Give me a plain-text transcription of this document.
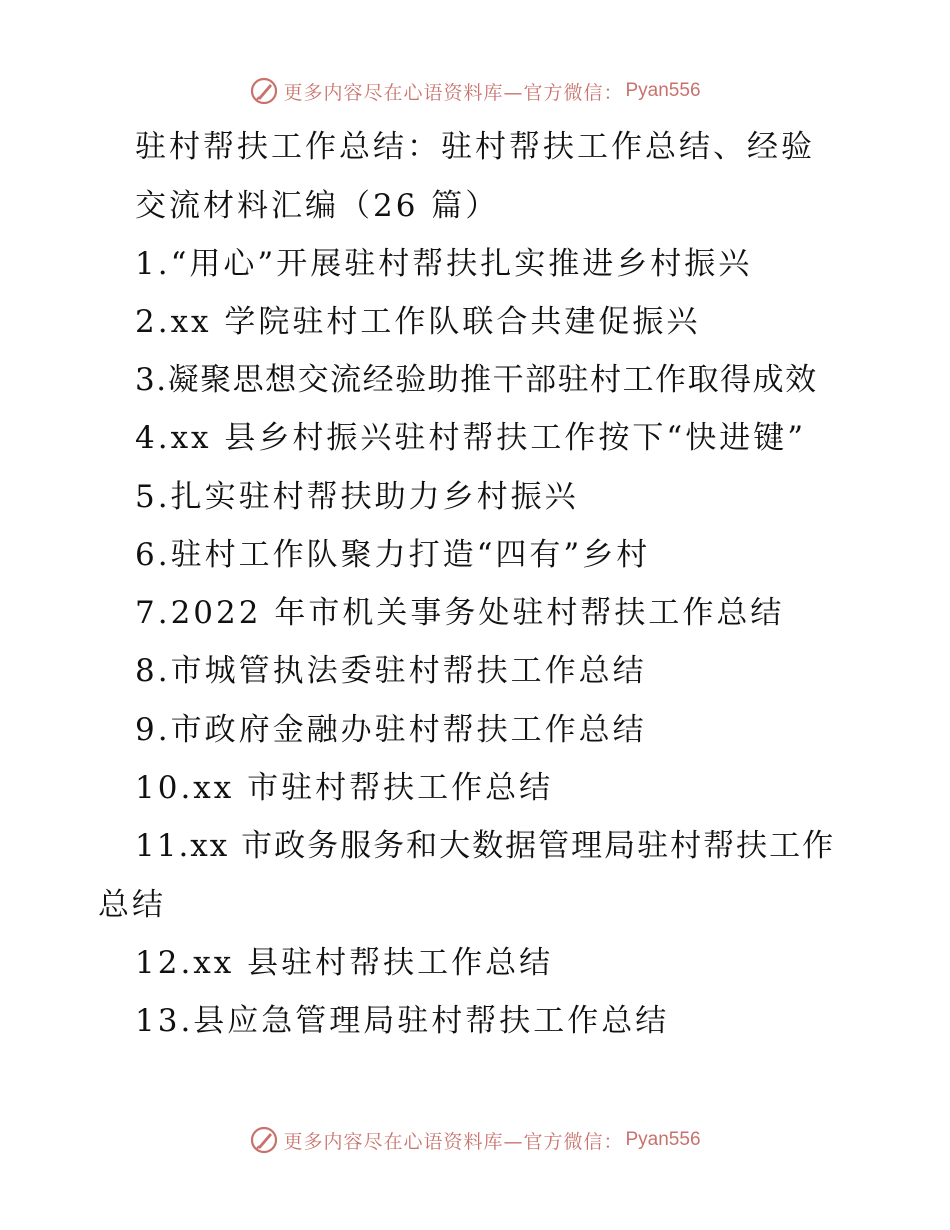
更多内容尽在心语资料库—官方微信： Pyan556
驻村帮扶工作总结：驻村帮扶工作总结、经验
交流材料汇编（26 篇）
1.“用心”开展驻村帮扶扎实推进乡村振兴
2.xx 学院驻村工作队联合共建促振兴
3.凝聚思想交流经验助推干部驻村工作取得成效
4.xx 县乡村振兴驻村帮扶工作按下“快进键”
5.扎实驻村帮扶助力乡村振兴
6.驻村工作队聚力打造“四有”乡村
7.2022 年市机关事务处驻村帮扶工作总结
8.市城管执法委驻村帮扶工作总结
9.市政府金融办驻村帮扶工作总结
10.xx 市驻村帮扶工作总结
11.xx 市政务服务和大数据管理局驻村帮扶工作
总结
12.xx 县驻村帮扶工作总结
13.县应急管理局驻村帮扶工作总结
更多内容尽在心语资料库—官方微信： Pyan556
